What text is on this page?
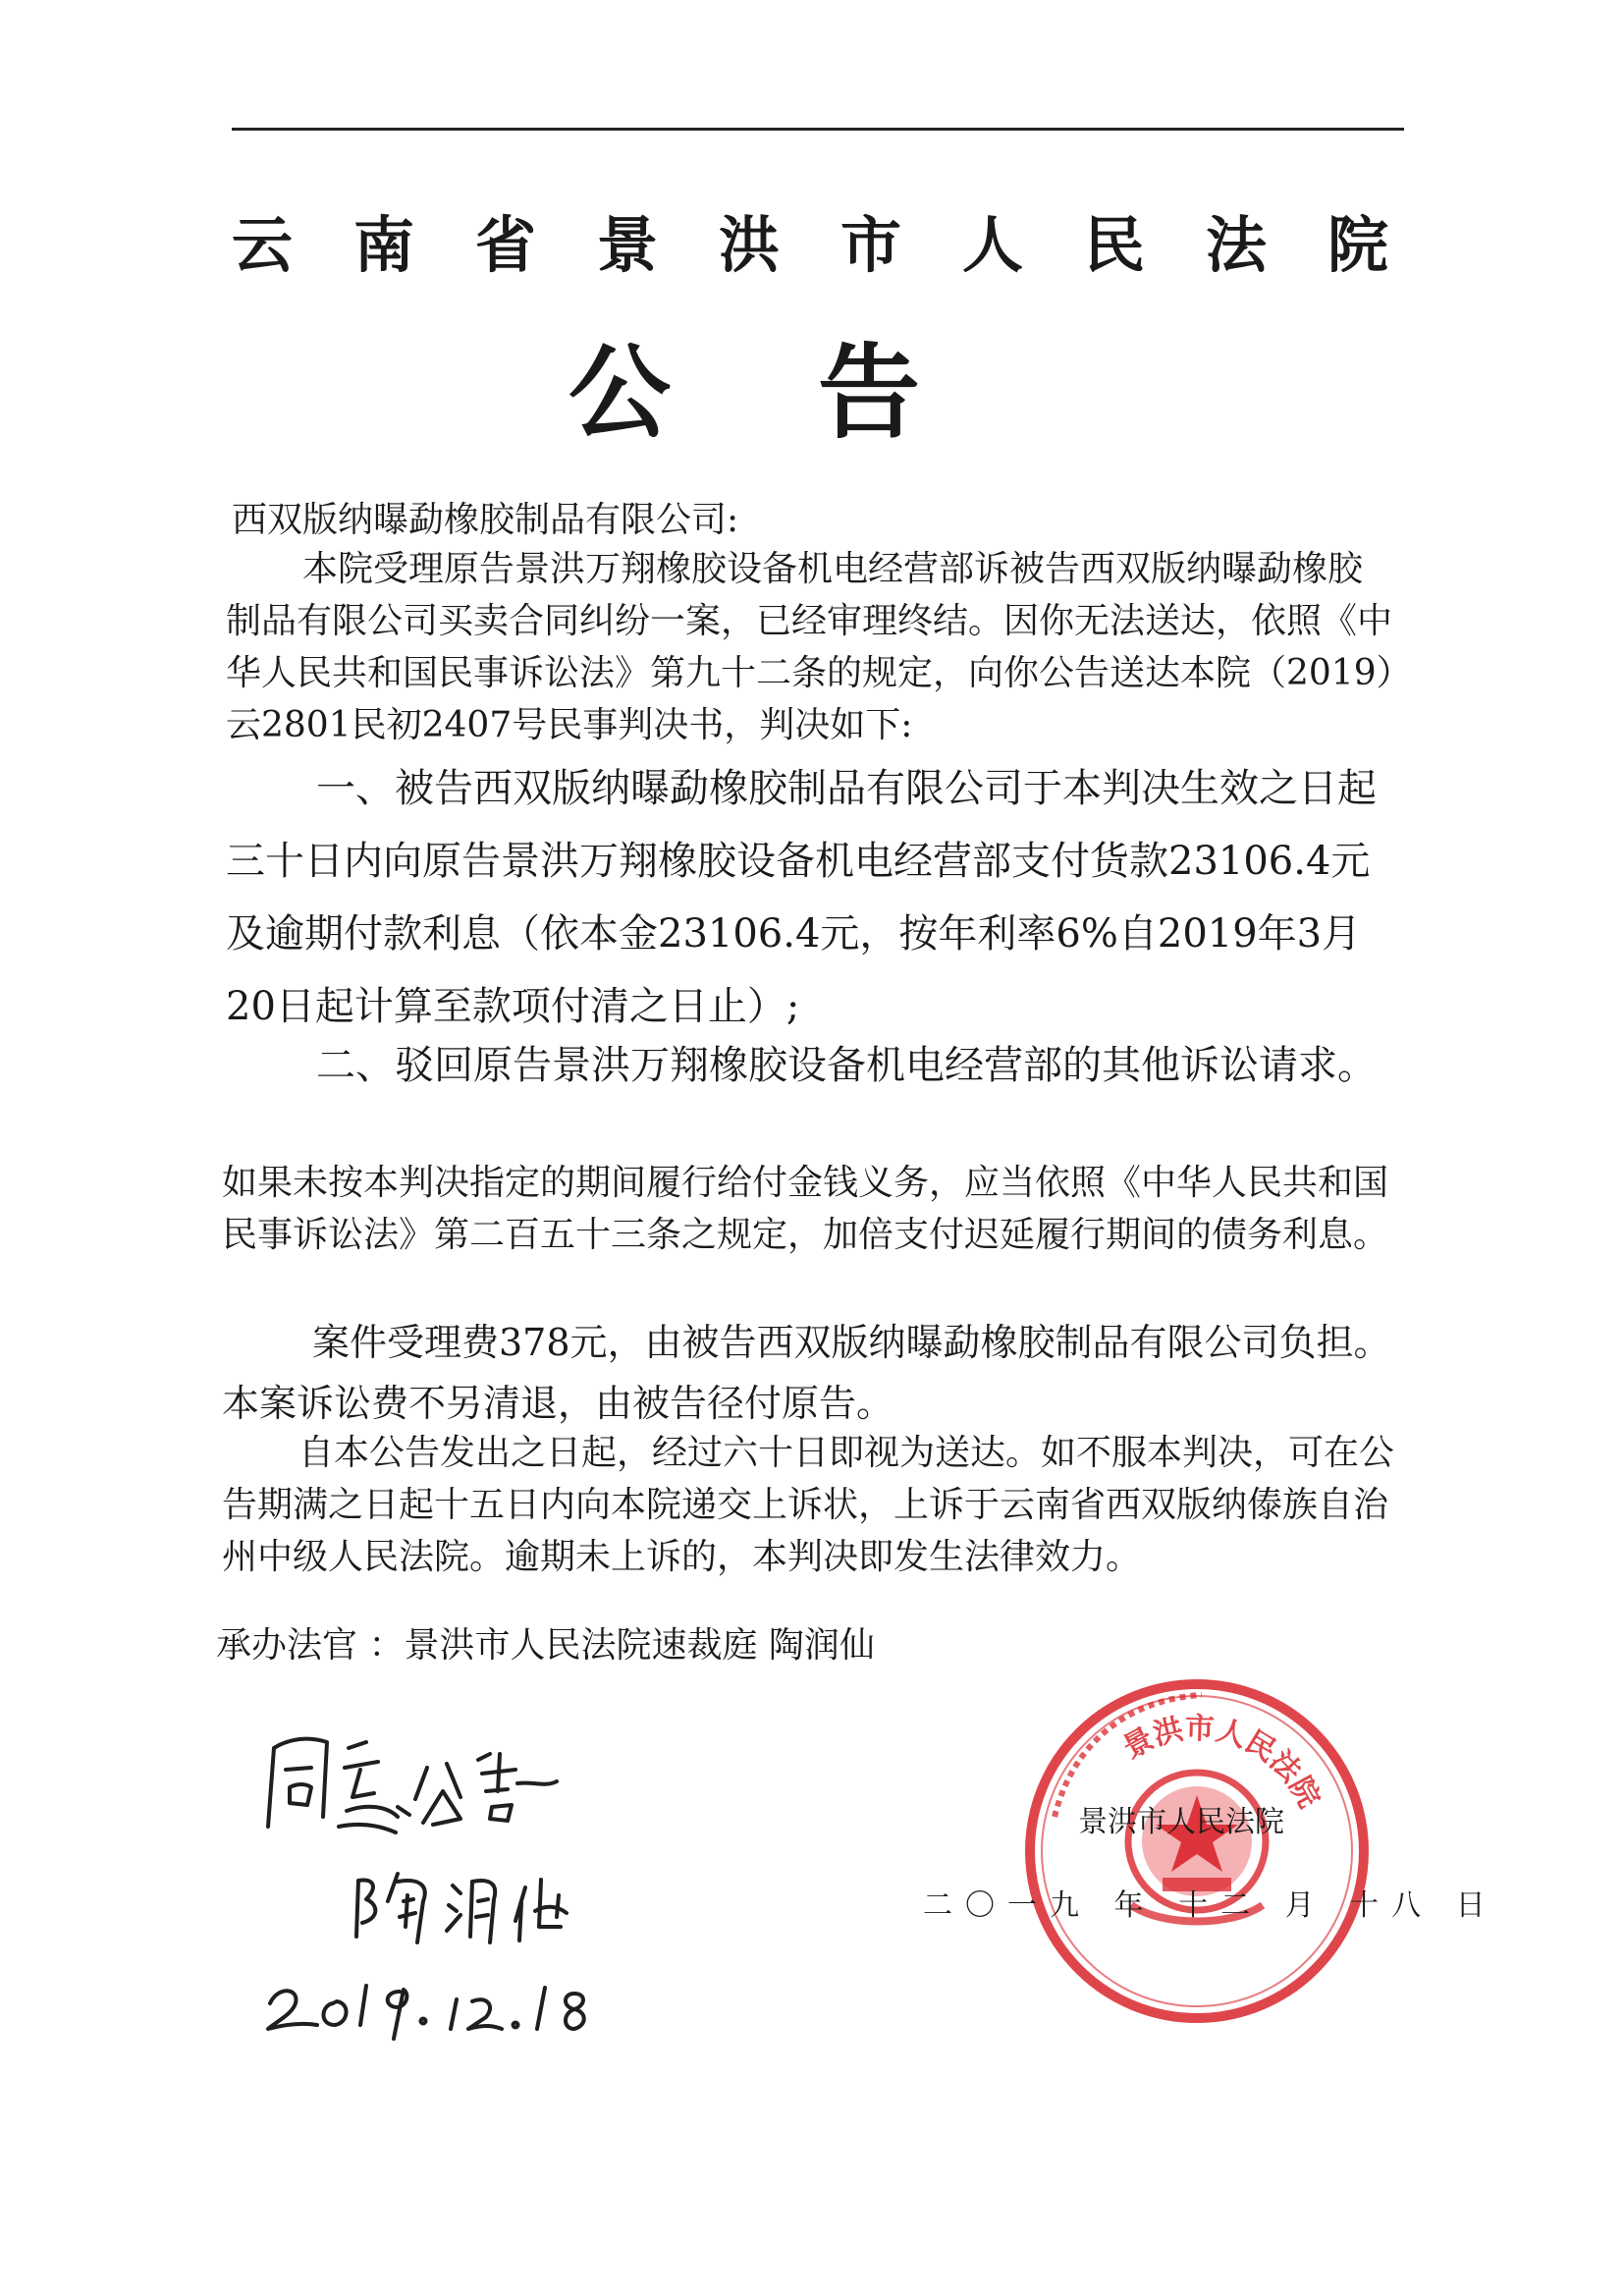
云南省景洪市人民法院
公告

西双版纳曝勐橡胶制品有限公司:

本院受理原告景洪万翔橡胶设备机电经营部诉被告西双版纳曝勐橡胶制品有限公司买卖合同纠纷一案，已经审理终结。因你无法送达，依照《中华人民共和国民事诉讼法》第九十二条的规定，向你公告送达本院（2019）云2801民初2407号民事判决书，判决如下:

一、被告西双版纳曝勐橡胶制品有限公司于本判决生效之日起三十日内向原告景洪万翔橡胶设备机电经营部支付货款23106.4元及逾期付款利息（依本金23106.4元，按年利率6%自2019年3月20日起计算至款项付清之日止）;

二、驳回原告景洪万翔橡胶设备机电经营部的其他诉讼请求。

如果未按本判决指定的期间履行给付金钱义务，应当依照《中华人民共和国民事诉讼法》第二百五十三条之规定，加倍支付迟延履行期间的债务利息。

案件受理费378元，由被告西双版纳曝勐橡胶制品有限公司负担。本案诉讼费不另清退，由被告径付原告。

自本公告发出之日起，经过六十日即视为送达。如不服本判决，可在公告期满之日起十五日内向本院递交上诉状，上诉于云南省西双版纳傣族自治州中级人民法院。逾期未上诉的，本判决即发生法律效力。

承办法官 ：景洪市人民法院速裁庭 陶润仙

景洪市人民法院
景洪市人民法院
二〇一九 年 十二 月 十八 日
